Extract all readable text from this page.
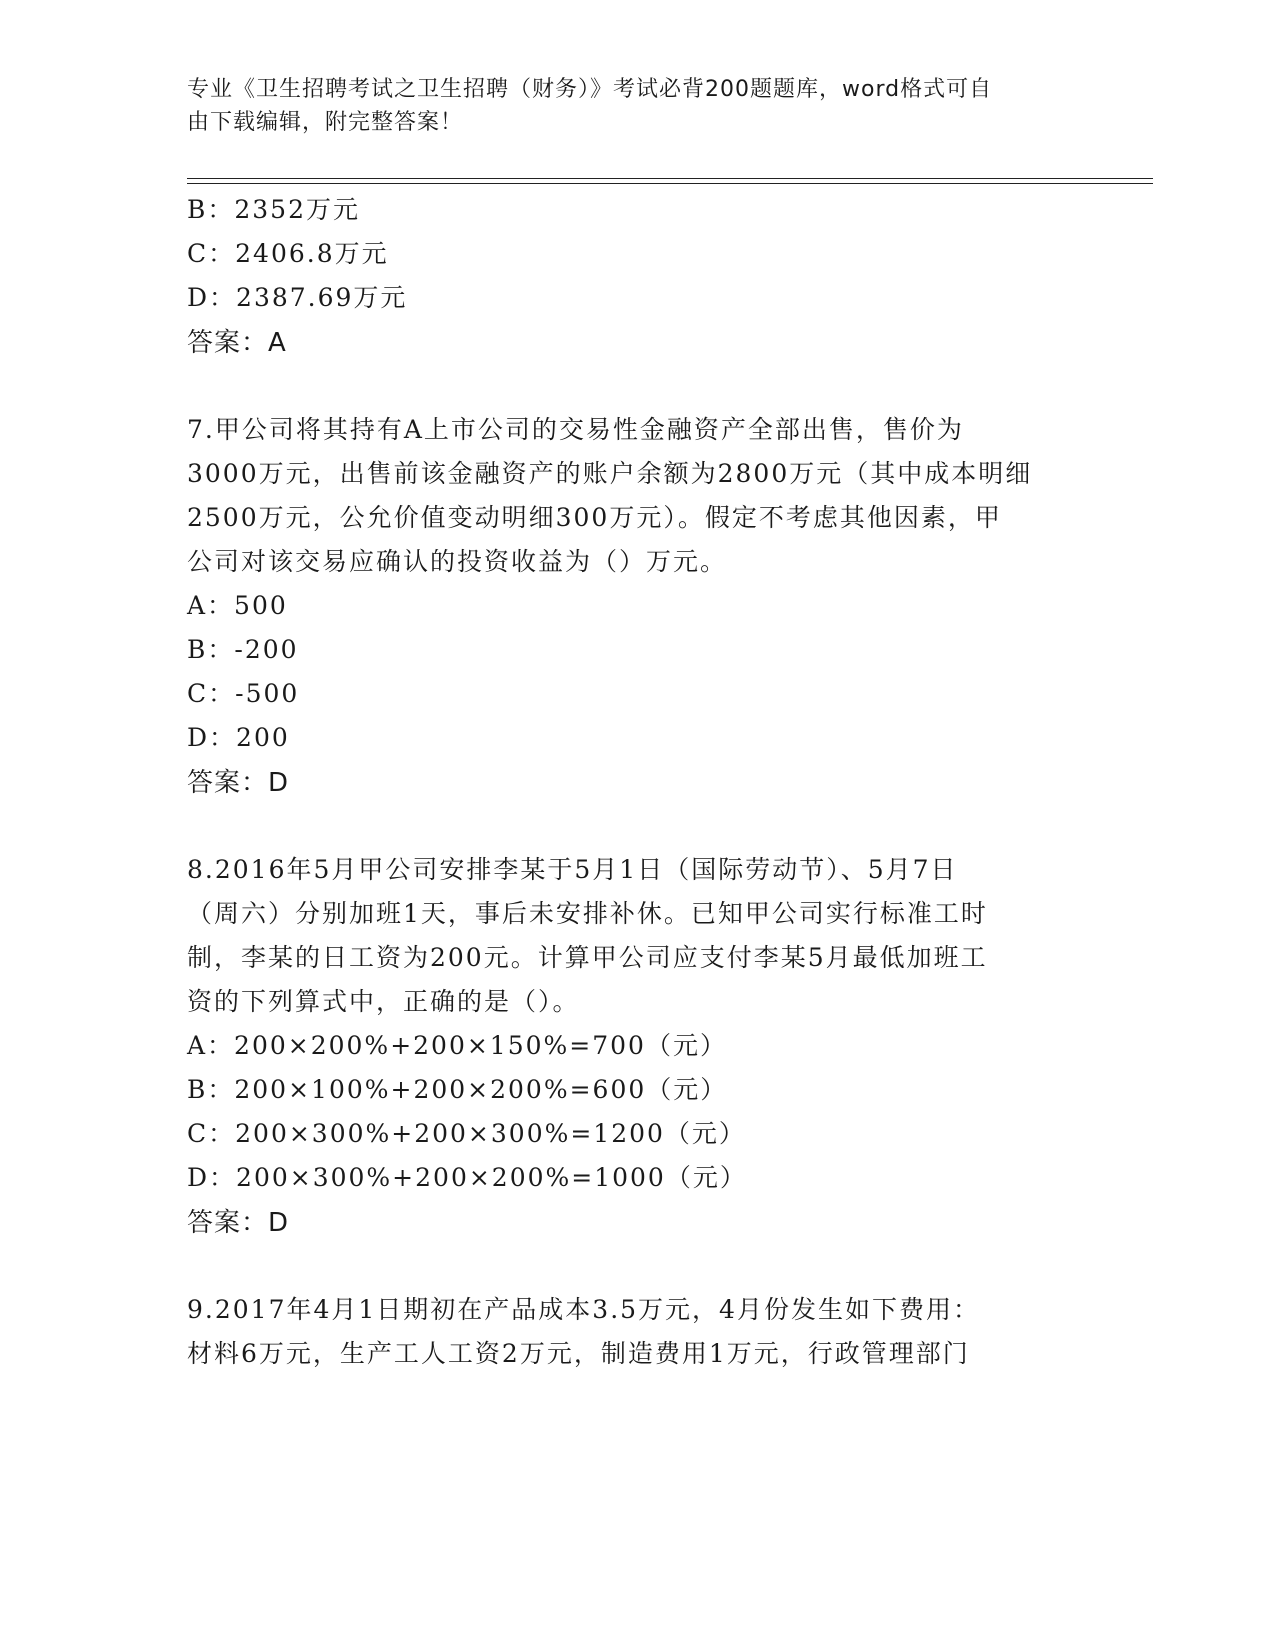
专业《卫生招聘考试之卫生招聘（财务）》考试必背200题题库，word格式可自
由下载编辑，附完整答案！
B：2352万元
C：2406.8万元
D：2387.69万元
答案：A
7.甲公司将其持有A上市公司的交易性金融资产全部出售，售价为
3000万元，出售前该金融资产的账户余额为2800万元（其中成本明细
2500万元，公允价值变动明细300万元）。假定不考虑其他因素，甲
公司对该交易应确认的投资收益为（）万元。
A：500
B：-200
C：-500
D：200
答案：D
8.2016年5月甲公司安排李某于5月1日（国际劳动节）、5月7日
（周六）分别加班1天，事后未安排补休。已知甲公司实行标准工时
制，李某的日工资为200元。计算甲公司应支付李某5月最低加班工
资的下列算式中，正确的是（）。
A：200×200%+200×150%=700（元）
B：200×100%+200×200%=600（元）
C：200×300%+200×300%=1200（元）
D：200×300%+200×200%=1000（元）
答案：D
9.2017年4月1日期初在产品成本3.5万元，4月份发生如下费用：
材料6万元，生产工人工资2万元，制造费用1万元，行政管理部门
